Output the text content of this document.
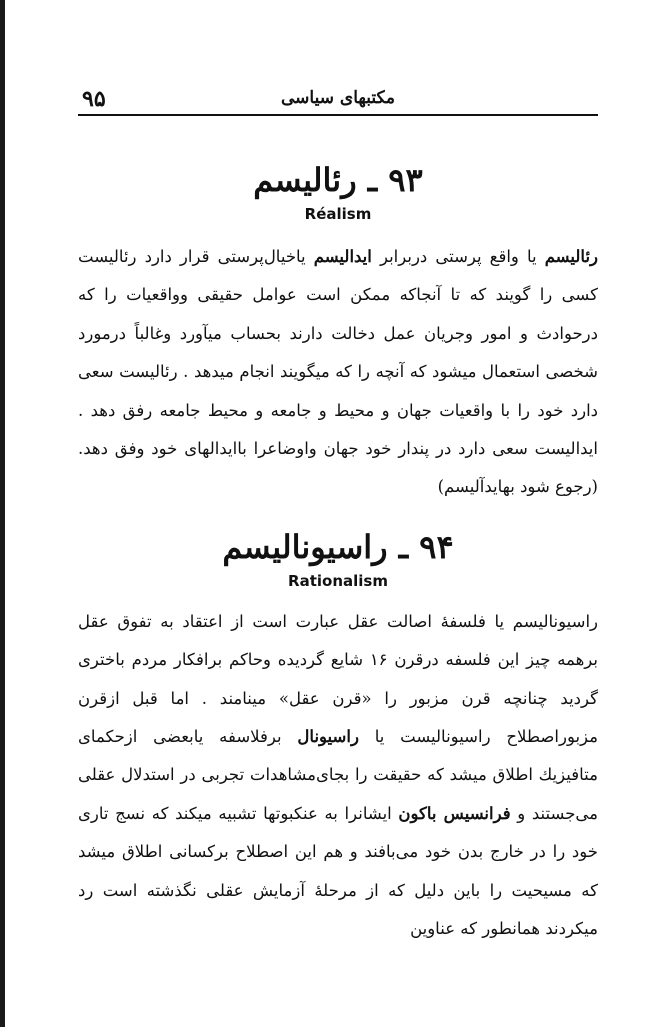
۹۵	مکتبهای سیاسی
۹۳ ـ رئالیسم
Réalism

رئالیسم یا واقع پرستی دربرابر ایدالیسم یاخیال‌پرستی قرار دارد رئالیست کسی را گویند که تا آنجاکه ممکن است عوامل حقیقی وواقعیات را که درحوادث و امور وجریان عمل دخالت دارند بحساب میآورد وغالباً درمورد شخصی استعمال میشود که آنچه را که میگویند انجام میدهد . رئالیست سعی دارد خود را با واقعیات جهان و محیط و جامعه و محیط جامعه رفق دهد . ایدالیست سعی دارد در پندار خود جهان واوضاعرا باایدالهای خود وفق دهد. (رجوع شود بهایدآلیسم)

۹۴ ـ راسیونالیسم
Rationalism

راسیونالیسم یا فلسفهٔ اصالت عقل عبارت است از اعتقاد به تفوق عقل برهمه چیز این فلسفه درقرن ۱۶ شایع گردیده وحاکم برافکار مردم باختری گردید چنانچه قرن مزبور را «قرن عقل» مینامند . اما قبل ازقرن مزبوراصطلاح راسیونالیست یا راسیونال برفلاسفه یابعضی ازحکمای متافیزیك اطلاق میشد که حقیقت را بجای‌مشاهدات تجربی در استدلال عقلی می‌جستند و فرانسیس باکون ایشانرا به عنکبوتها تشبیه میکند که نسج تاری خود را در خارج بدن خود می‌بافند و هم این اصطلاح برکسانی اطلاق میشد که مسیحیت را باین دلیل که از مرحلهٔ آزمایش عقلی نگذشته است رد میکردند همانطور که عناوین
